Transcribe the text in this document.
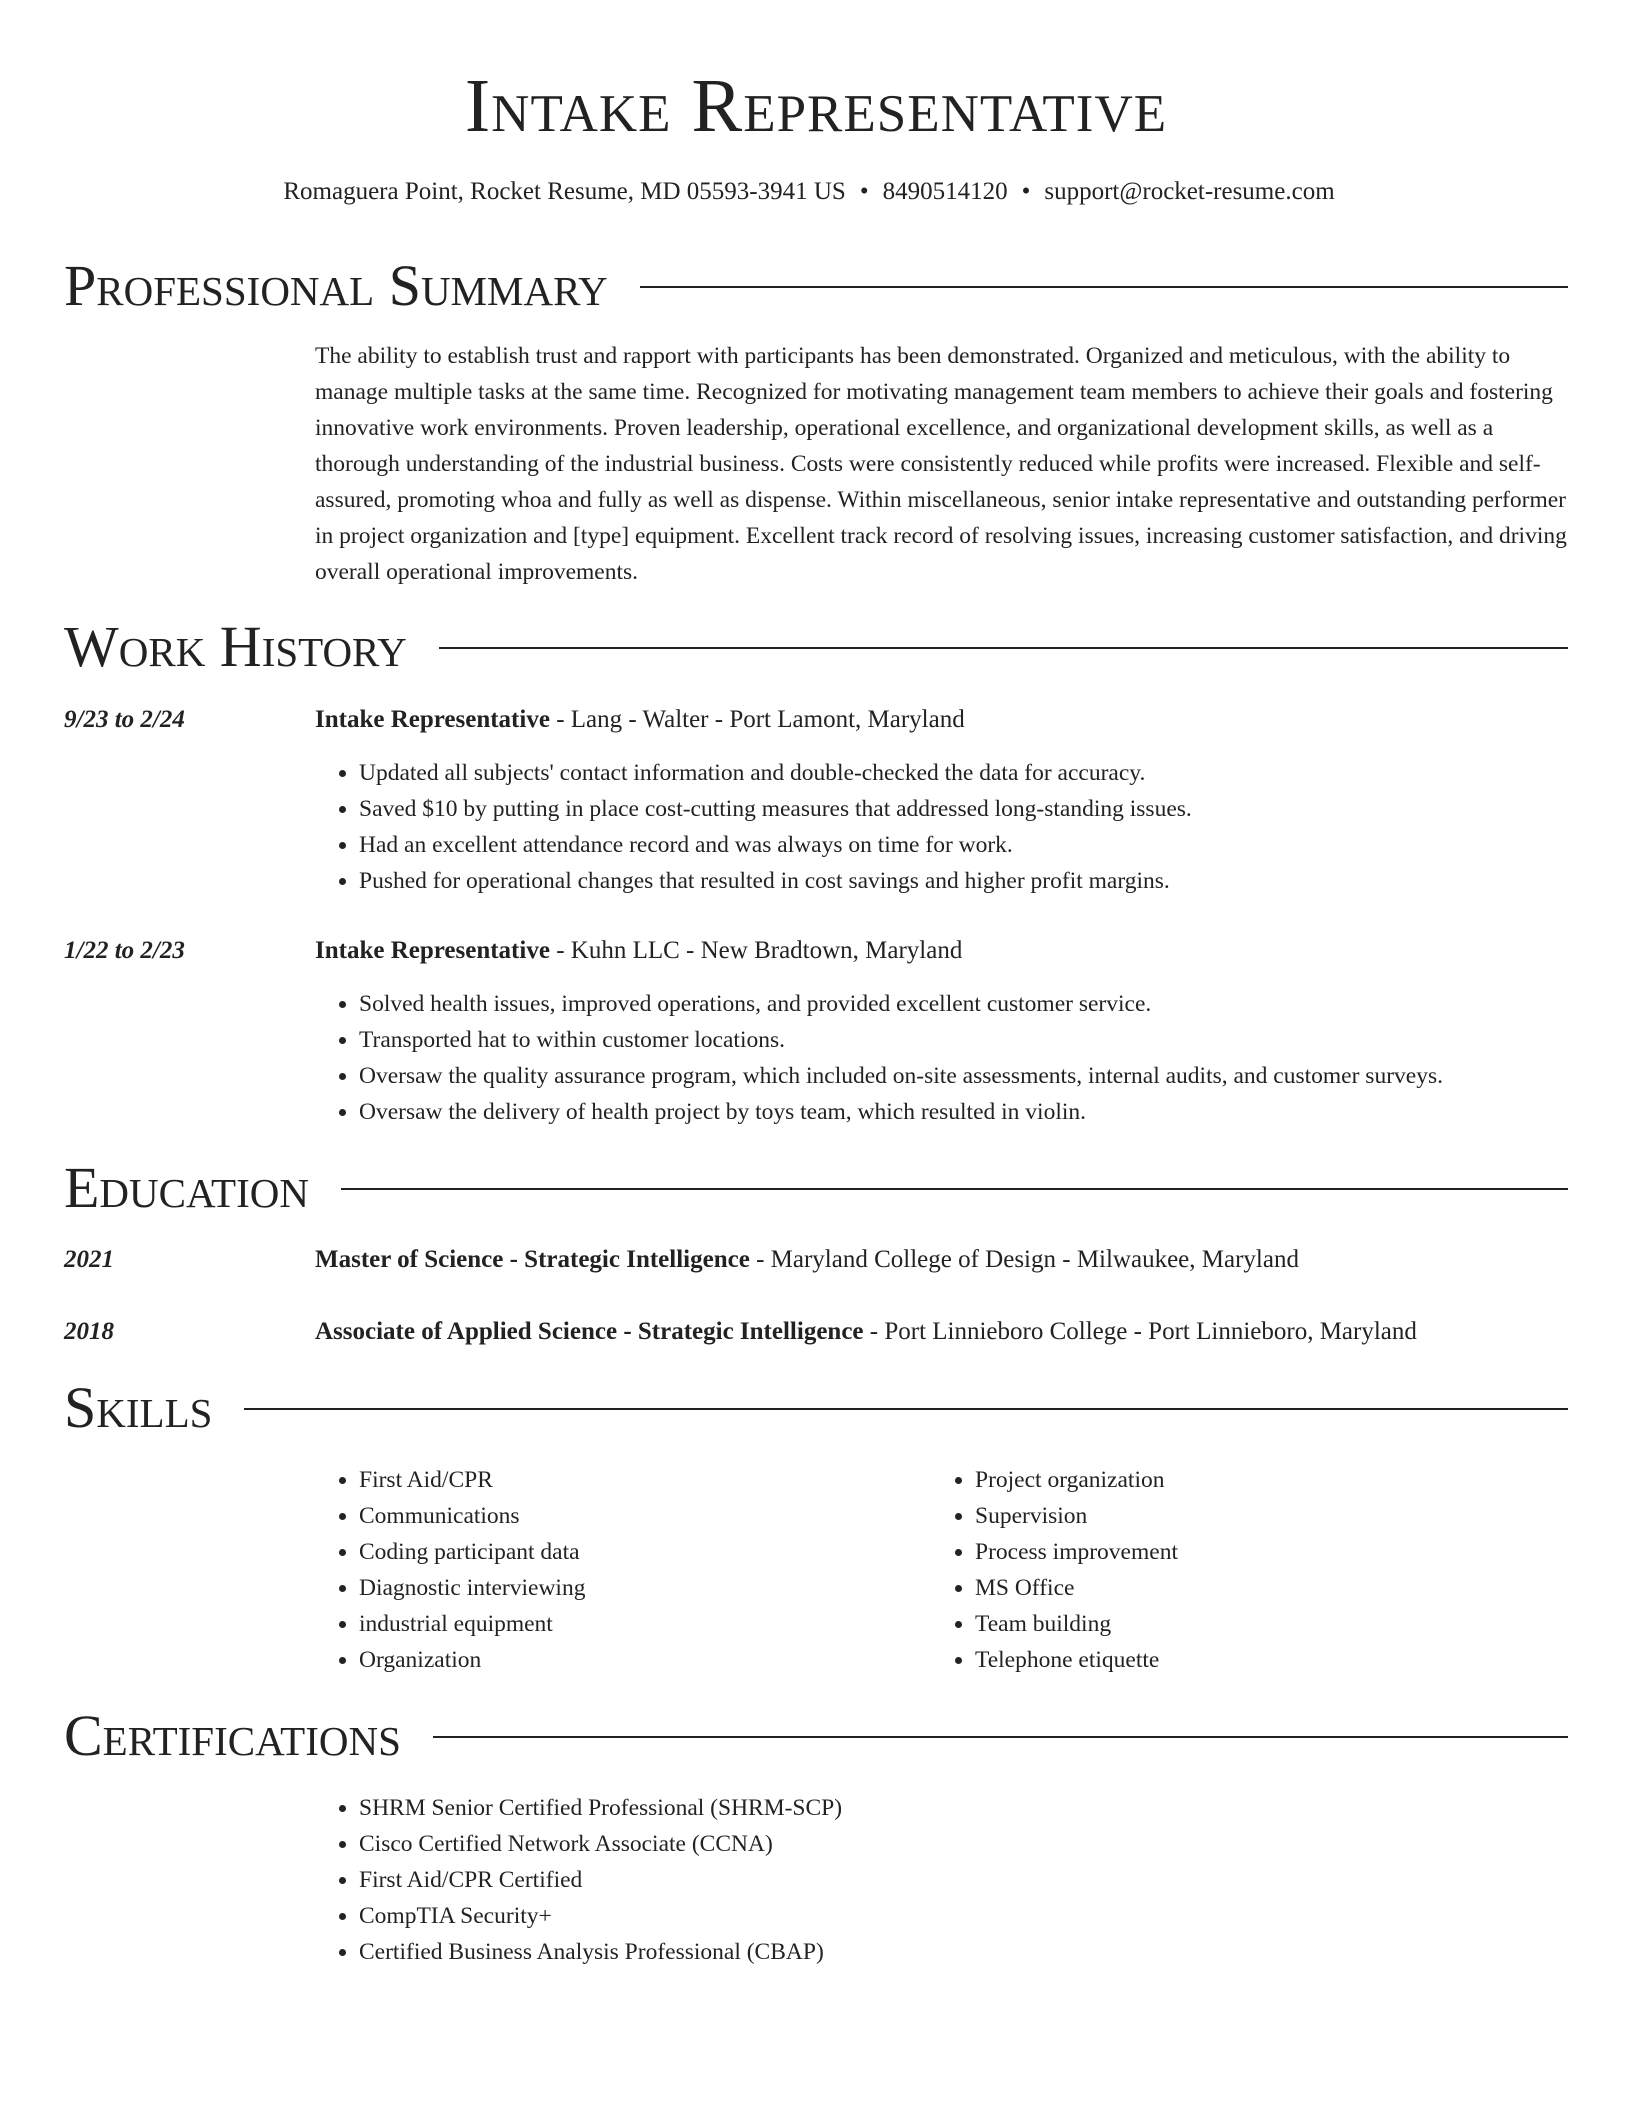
Intake Representative
Romaguera Point, Rocket Resume, MD 05593-3941 US • 8490514120 • support@rocket-resume.com
Professional Summary

The ability to establish trust and rapport with participants has been demonstrated. Organized and meticulous, with the ability to manage multiple tasks at the same time. Recognized for motivating management team members to achieve their goals and fostering innovative work environments. Proven leadership, operational excellence, and organizational development skills, as well as a thorough understanding of the industrial business. Costs were consistently reduced while profits were increased. Flexible and self-assured, promoting whoa and fully as well as dispense. Within miscellaneous, senior intake representative and outstanding performer in project organization and [type] equipment. Excellent track record of resolving issues, increasing customer satisfaction, and driving overall operational improvements.

Work History
9/23 to 2/24	Intake Representative - Lang - Walter - Port Lamont, Maryland
• Updated all subjects' contact information and double-checked the data for accuracy.
• Saved $10 by putting in place cost-cutting measures that addressed long-standing issues.
• Had an excellent attendance record and was always on time for work.
• Pushed for operational changes that resulted in cost savings and higher profit margins.
1/22 to 2/23	Intake Representative - Kuhn LLC - New Bradtown, Maryland
• Solved health issues, improved operations, and provided excellent customer service.
• Transported hat to within customer locations.
• Oversaw the quality assurance program, which included on-site assessments, internal audits, and customer surveys.
• Oversaw the delivery of health project by toys team, which resulted in violin.
Education
2021	Master of Science - Strategic Intelligence - Maryland College of Design - Milwaukee, Maryland
2018	Associate of Applied Science - Strategic Intelligence - Port Linnieboro College - Port Linnieboro, Maryland
Skills
• First Aid/CPR
• Communications
• Coding participant data
• Diagnostic interviewing
• industrial equipment
• Organization
• Project organization
• Supervision
• Process improvement
• MS Office
• Team building
• Telephone etiquette
Certifications
• SHRM Senior Certified Professional (SHRM-SCP)
• Cisco Certified Network Associate (CCNA)
• First Aid/CPR Certified
• CompTIA Security+
• Certified Business Analysis Professional (CBAP)
